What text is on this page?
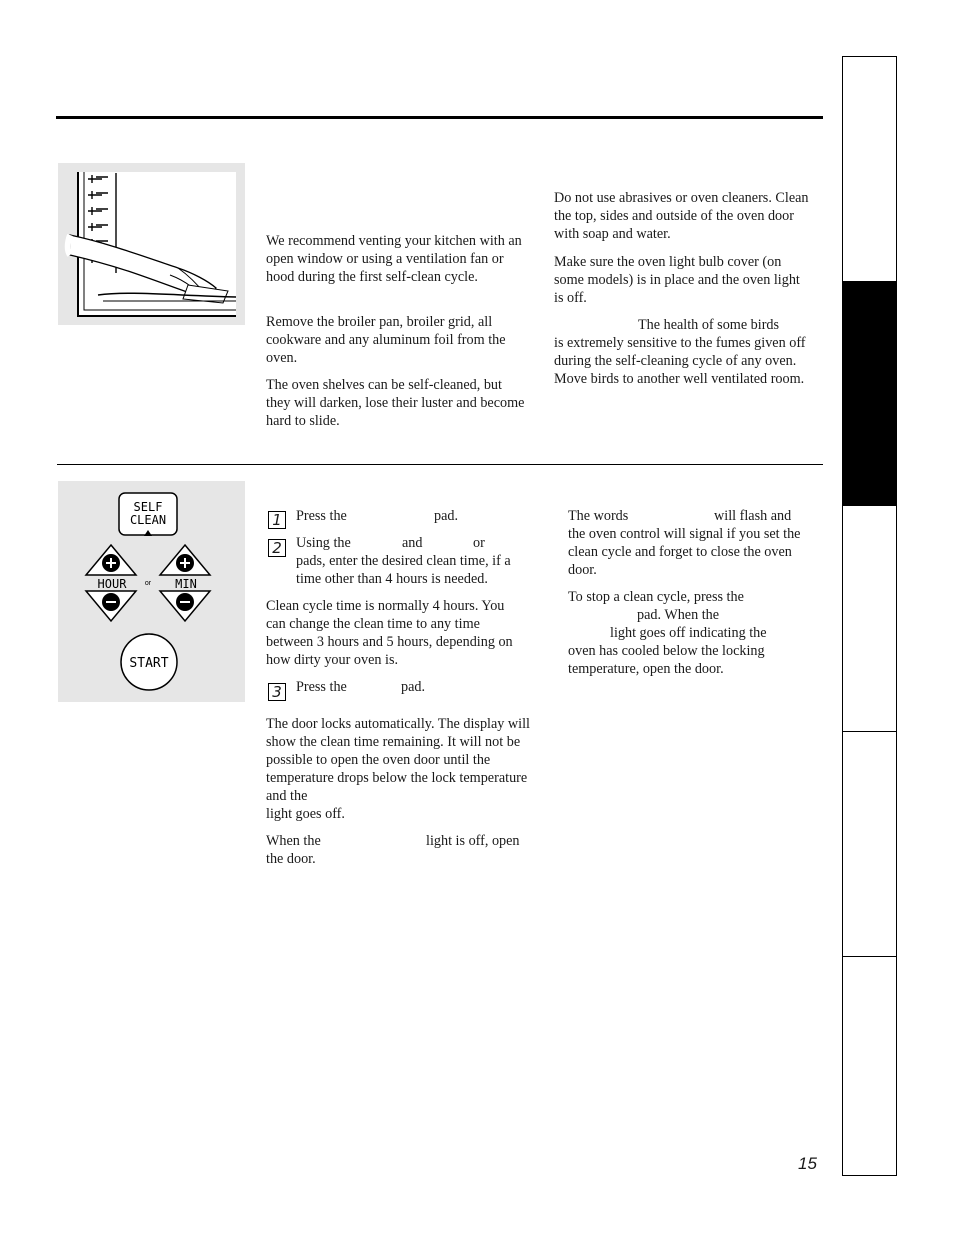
SELF
CLEAN
HOUR	or MIN
START

We recommend venting your kitchen with an open window or using a ventilation fan or hood during the first self-clean cycle.

Remove the broiler pan, broiler grid, all cookware and any aluminum foil from the oven.

The oven shelves can be self-cleaned, but they will darken, lose their luster and become hard to slide.

Do not use abrasives or oven cleaners. Clean the top, sides and outside of the oven door with soap and water.

Make sure the oven light bulb cover (on some models) is in place and the oven light is off.

The health of some birds

is extremely sensitive to the fumes given off during the self-cleaning cycle of any oven. Move birds to another well ventilated room.

1 Press the	pad.

2 Using the	and	or

pads, enter the desired clean time, if a time other than 4 hours is needed.

Clean cycle time is normally 4 hours. You can change the clean time to any time between 3 hours and 5 hours, depending on how dirty your oven is.

3 Press the	pad.

The door locks automatically. The display will show the clean time remaining. It will not be possible to open the oven door until the temperature drops below the lock temperature and the

light goes off.

When the	light is off, open

the door.

The words	will flash and

the oven control will signal if you set the clean cycle and forget to close the oven door.

To stop a clean cycle, press the

pad. When the

light goes off indicating the

oven has cooled below the locking temperature, open the door.

15
